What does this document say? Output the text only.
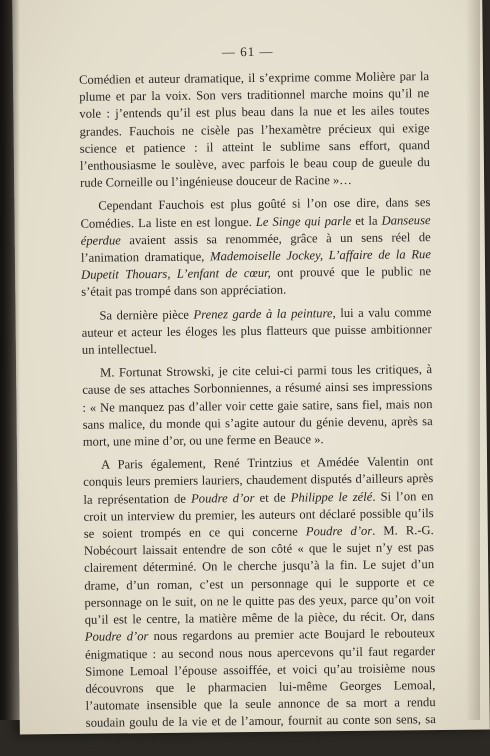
— 61 —

Comédien et auteur dramatique, il s’exprime comme Molière par la plume et par la voix. Son vers traditionnel marche moins qu’il ne vole : j’entends qu’il est plus beau dans la nue et les ailes toutes grandes. Fauchois ne cisèle pas l’hexamètre précieux qui exige science et patience : il atteint le sublime sans effort, quand l’enthousiasme le soulève, avec parfois le beau coup de gueule du rude Corneille ou l’ingénieuse douceur de Racine »…

Cependant Fauchois est plus goûté si l’on ose dire, dans ses Comédies. La liste en est longue. Le Singe qui parle et la Danseuse éperdue avaient assis sa renommée, grâce à un sens réel de l’animation dramatique, Mademoiselle Jockey, L’affaire de la Rue Dupetit Thouars, L’enfant de cœur, ont prouvé que le public ne s’était pas trompé dans son appréciation.

Sa dernière pièce Prenez garde à la peinture, lui a valu comme auteur et acteur les éloges les plus flatteurs que puisse ambitionner un intellectuel.

M. Fortunat Strowski, je cite celui-ci parmi tous les critiques, à cause de ses attaches Sorbonniennes, a résumé ainsi ses impressions : « Ne manquez pas d’aller voir cette gaie satire, sans fiel, mais non sans malice, du monde qui s’agite autour du génie devenu, après sa mort, une mine d’or, ou une ferme en Beauce ».

A Paris également, René Trintzius et Amédée Valentin ont conquis leurs premiers lauriers, chaudement disputés d’ailleurs après la représentation de Poudre d’or et de Philippe le zélé. Si l’on en croit un interview du premier, les auteurs ont déclaré possible qu’ils se soient trompés en ce qui concerne Poudre d’or. M. R.-G. Nobécourt laissait entendre de son côté « que le sujet n’y est pas clairement déterminé. On le cherche jusqu’à la fin. Le sujet d’un drame, d’un roman, c’est un personnage qui le supporte et ce personnage on le suit, on ne le quitte pas des yeux, parce qu’on voit qu’il est le centre, la matière même de la pièce, du récit. Or, dans Poudre d’or nous regardons au premier acte Boujard le rebouteux énigmatique : au second nous nous apercevons qu’il faut regarder Simone Lemoal l’épouse assoiffée, et voici qu’au troisième nous découvrons que le pharmacien lui-même Georges Lemoal, l’automate insensible que la seule annonce de sa mort a rendu soudain goulu de la vie et de l’amour, fournit au conte son sens, sa moralité. Il en résulte quelque désorientation ».
